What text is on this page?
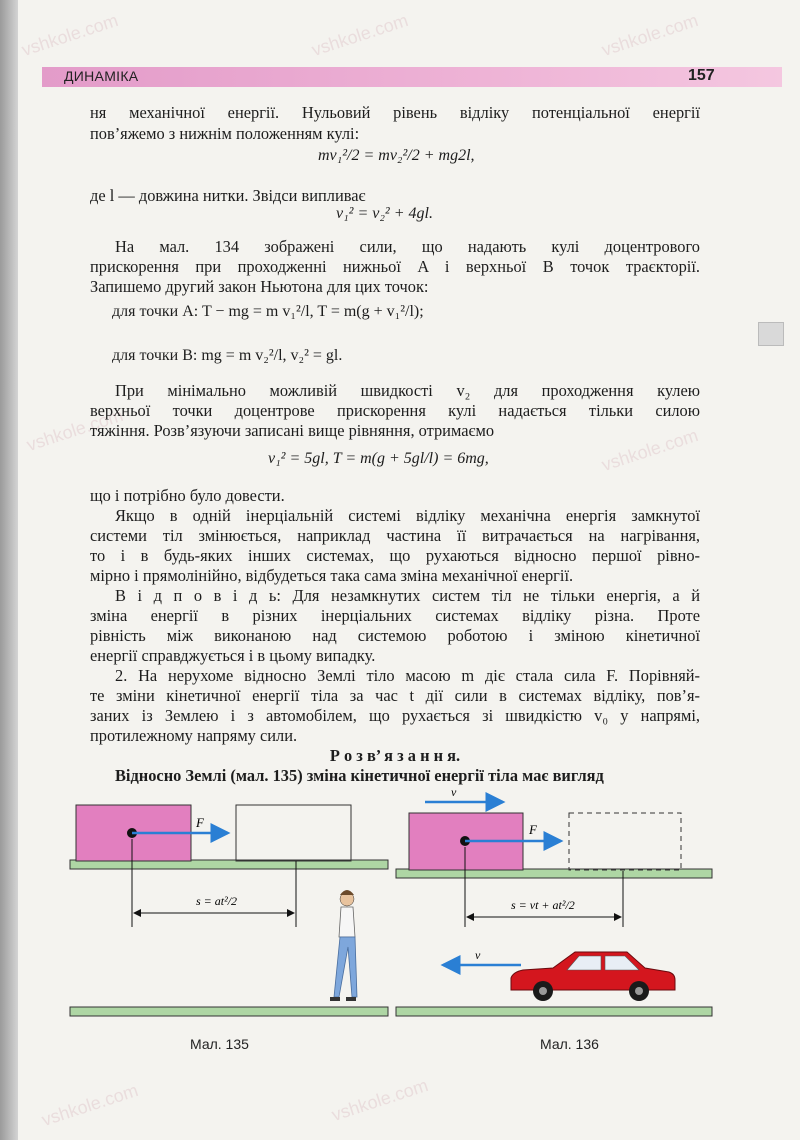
vshkole.com	vshkole.com	vshkole.com
vshkole.com	vshkole.com
vshkole.com
vshkole.com
ДИНАМІКА	157

ня механічної енергії. Нульовий рівень відліку потенціальної енергії

пов’яжемо з нижнім положенням кулі:

mv₁²/2 = mv₂²/2 + mg2l,

де l — довжина нитки. Звідси випливає

v₁² = v₂² + 4gl.

На мал. 134 зображені сили, що надають кулі доцентрового

прискорення при проходженні нижньої A і верхньої B точок траєкторії.

Запишемо другий закон Ньютона для цих точок:

для точки A: T − mg = m v₁²/l, T = m(g + v₁²/l);
для точки B: mg = m v₂²/l, v₂² = gl.

При мінімально можливій швидкості v₂ для проходження кулею

верхньої точки доцентрове прискорення кулі надається тільки силою

тяжіння. Розв’язуючи записані вище рівняння, отримаємо

v₁² = 5gl, T = m(g + 5gl/l) = 6mg,

що і потрібно було довести.

Якщо в одній інерціальній системі відліку механічна енергія замкнутої

системи тіл змінюється, наприклад частина її витрачається на нагрівання,

то і в будь-яких інших системах, що рухаються відносно першої рівно-

мірно і прямолінійно, відбудеться така сама зміна механічної енергії.

В і д п о в і д ь: Для незамкнутих систем тіл не тільки енергія, а й

зміна енергії в різних інерціальних системах відліку різна. Проте

рівність між виконаною над системою роботою і зміною кінетичної

енергії справджується і в цьому випадку.

2. На нерухоме відносно Землі тіло масою m діє стала сила F. Порівняй-

те зміни кінетичної енергії тіла за час t дії сили в системах відліку, пов’я-

заних із Землею і з автомобілем, що рухається зі швидкістю v₀ у напрямі,

протилежному напряму сили.

Р о з в’ я з а н н я.

Відносно Землі (мал. 135) зміна кінетичної енергії тіла має вигляд

F
s = at²/2
Мал. 135
v
F
s = vt + at²/2
v
Мал. 136
